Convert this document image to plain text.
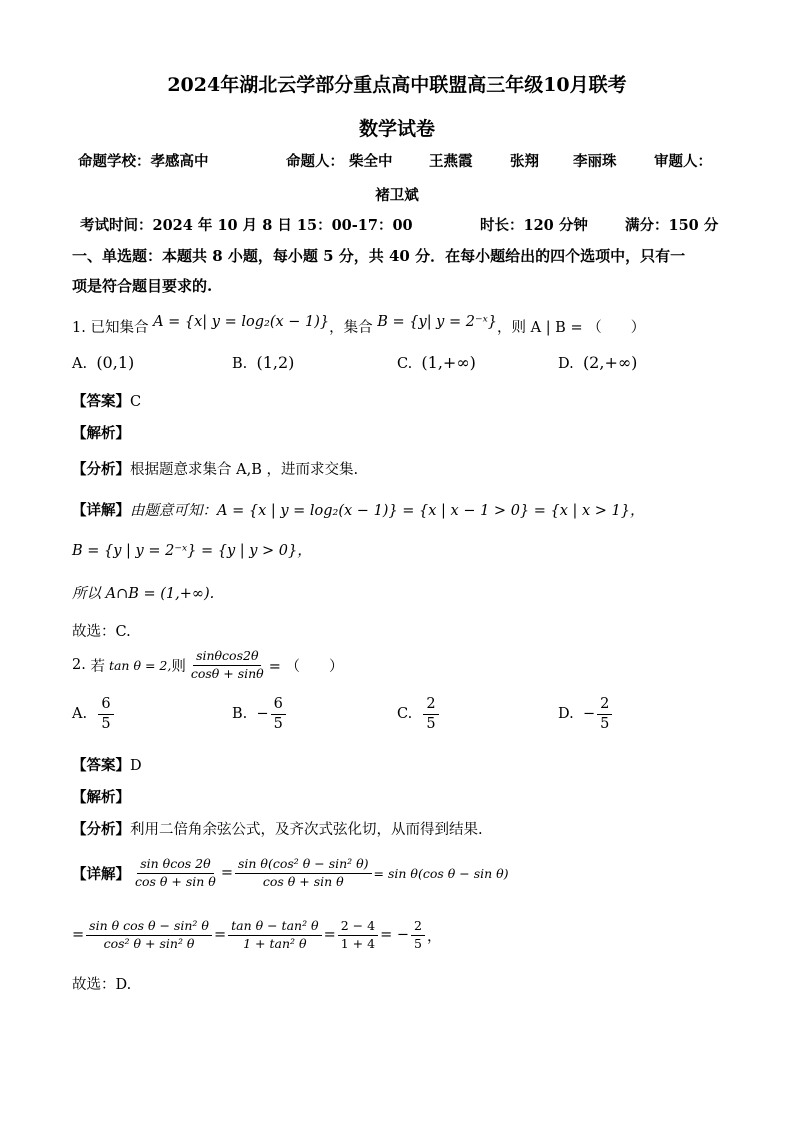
2024年湖北云学部分重点高中联盟高三年级10月联考
数学试卷
命题学校：孝感高中	命题人： 柴全中	王燕霞	张翔 李丽珠	审题人：
褚卫斌
考试时间：2024 年 10 月 8 日 15：00-17：00	时长：120 分钟	满分：150 分
一、单选题：本题共 8 小题，每小题 5 分，共 40 分．在每小题给出的四个选项中，只有一
项是符合题目要求的.
1. 已知集合 A = {x| y = log₂(x − 1)}，集合 B = {y| y = 2⁻ˣ}，则 A | B = （　　）
A. (0,1)	B. (1,2)	C. (1,+∞)	D. (2,+∞)
【答案】C
【解析】
【分析】根据题意求集合 A,B ，进而求交集.
【详解】由题意可知：A = {x | y = log₂(x − 1)} = {x | x − 1 > 0} = {x | x > 1}，
B = {y | y = 2⁻ˣ} = {y | y > 0}，
所以 A∩B = (1,+∞).
故选：C.
2.
若 tan θ = 2, 则 $\frac{\sin\theta\cos 2\theta}{\cos\theta + \sin\theta}$ = （　　）
A.
$\frac{6}{5}$	B.
− $\frac{6}{5}$	C.
$\frac{2}{5}$	D.
− $\frac{2}{5}$
【答案】D
【解析】
【分析】利用二倍角余弦公式，及齐次式弦化切，从而得到结果.
【详解】 $\frac{\text{sin θcos 2θ}}{\text{cos θ + sin θ}} = \frac{\text{sin θ(cos² θ − sin² θ)}}{\text{cos θ + sin θ}} = \sin \theta(\cos$ θ − sin θ)
= $\frac{\text{sin θ cos θ − sin² θ}}{\text{cos² θ + sin² θ}} = \frac{\text{tan θ − tan² θ}}{\text{1 + tan² θ}} = \frac{2 - 4}{1 + 4}$ = − $\frac{2}{5}$ ，
故选：D.
